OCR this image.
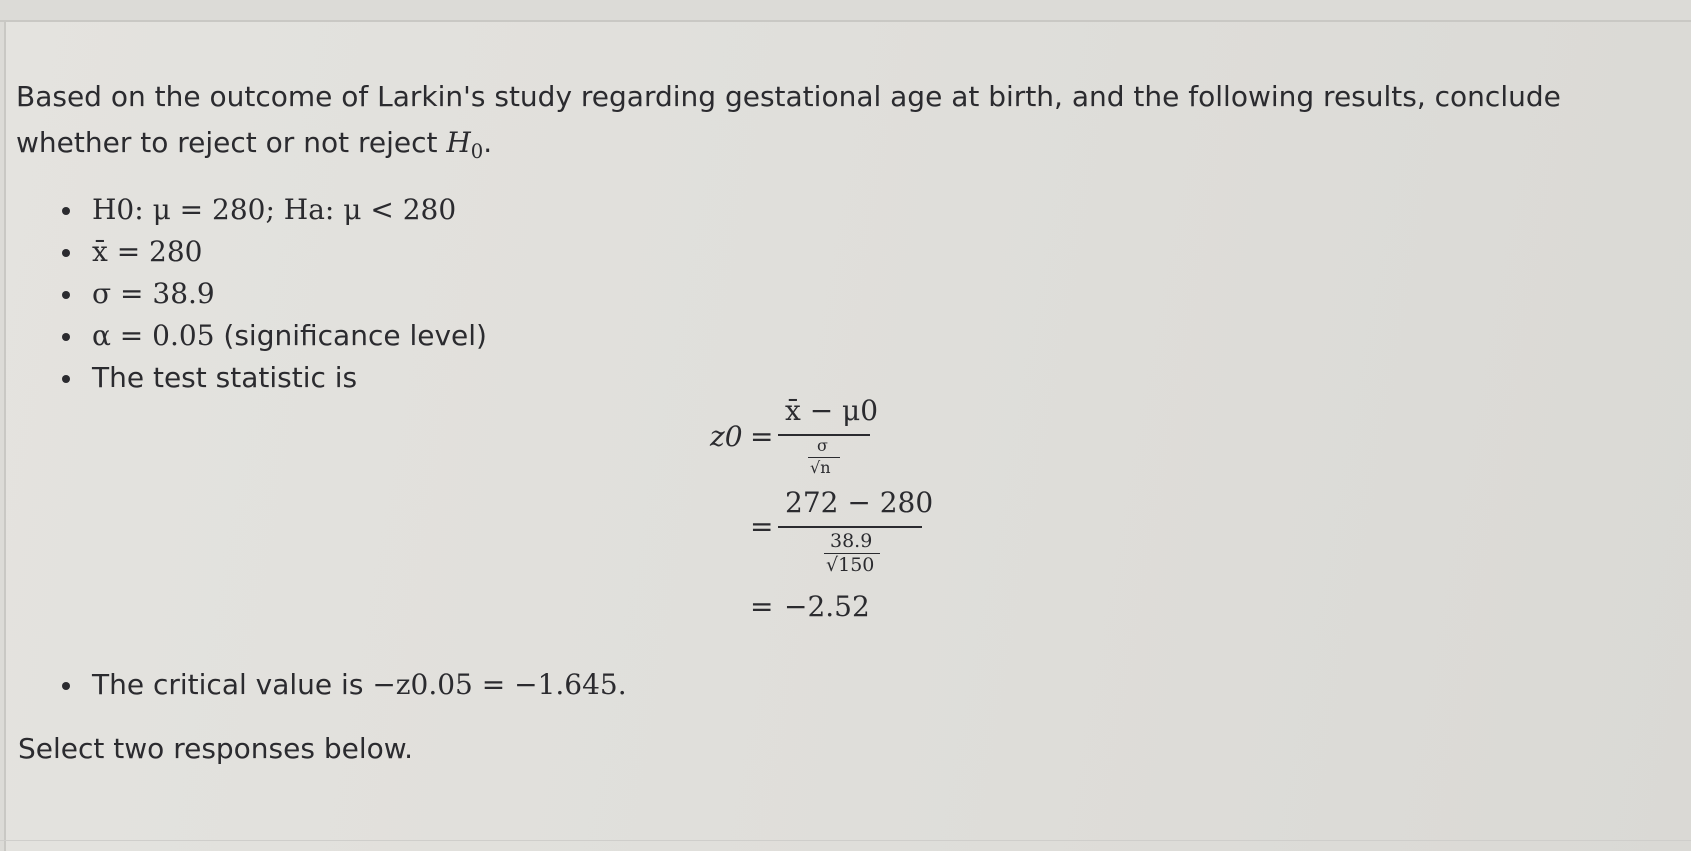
Based on the outcome of Larkin's study regarding gestational age at birth, and the following results, conclude whether to reject or not reject $H_0$.

H0: μ = 280; Ha: μ < 280
x̄ = 280
σ = 38.9
α = 0.05 (significance level)
The test statistic is
z0 =
x̄ − μ0
σ
√n
=
272 − 280
38.9
√150
= −2.52
The critical value is −z0.05 = −1.645.

Select two responses below.
